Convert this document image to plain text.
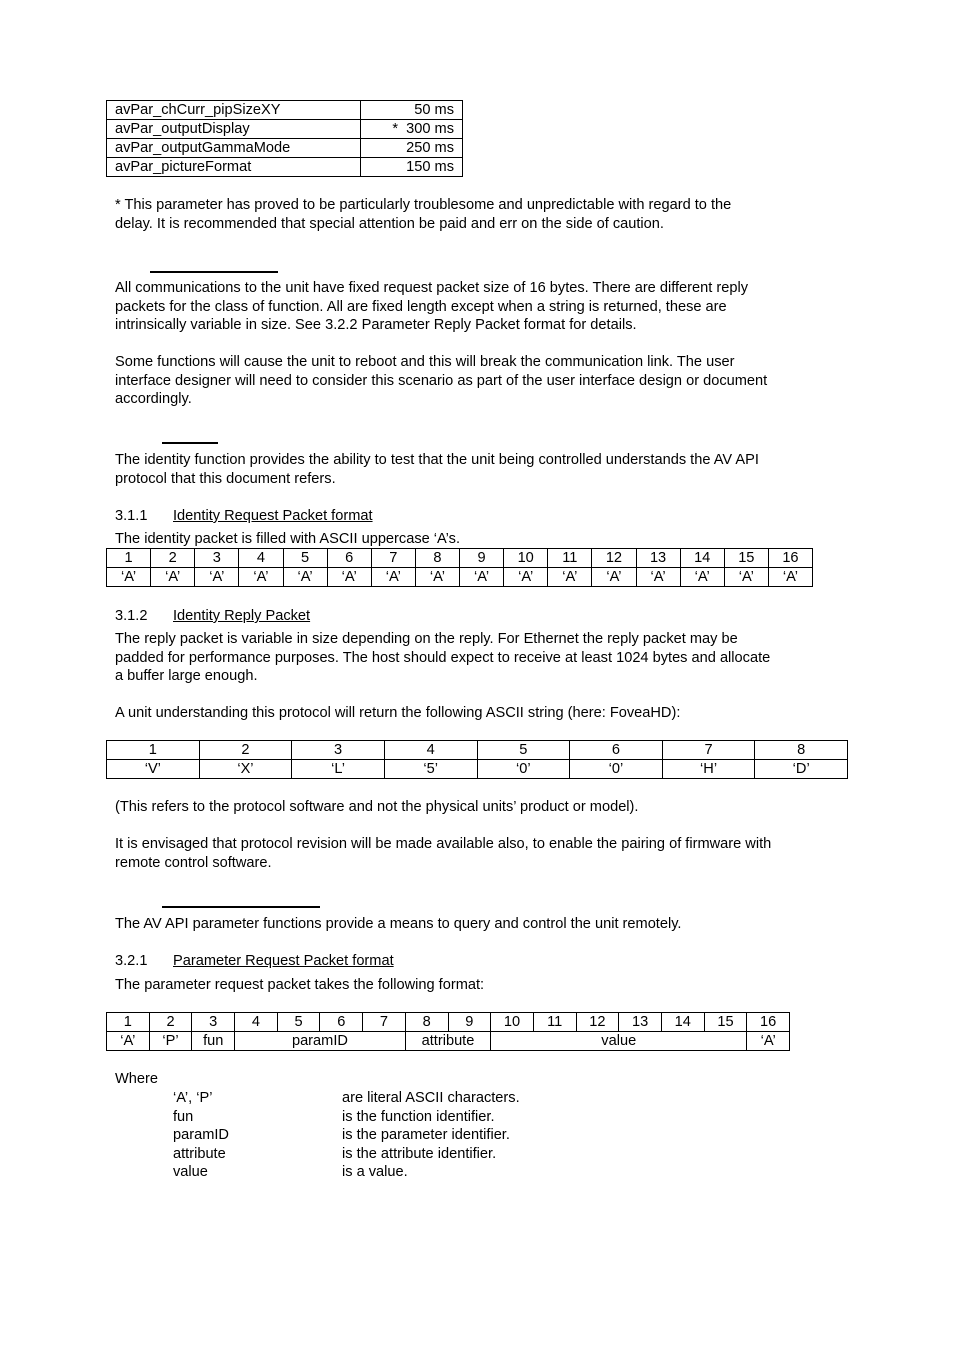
avPar_chCurr_pipSizeXY	50 ms
avPar_outputDisplay	*  300 ms
avPar_outputGammaMode	250 ms
avPar_pictureFormat	150 ms
* This parameter has proved to be particularly troublesome and unpredictable with regard to the
delay. It is recommended that special attention be paid and err on the side of caution.
All communications to the unit have fixed request packet size of 16 bytes. There are different reply
packets for the class of function. All are fixed length except when a string is returned, these are
intrinsically variable in size. See 3.2.2 Parameter Reply Packet format for details.
Some functions will cause the unit to reboot and this will break the communication link. The user
interface designer will need to consider this scenario as part of the user interface design or document
accordingly.
The identity function provides the ability to test that the unit being controlled understands the AV API
protocol that this document refers.
3.1.1 Identity Request Packet format
The identity packet is filled with ASCII uppercase ‘A’s.
1	2	3	4	5	6	7	8	9	10	11	12	13	14	15	16
‘A’	‘A’	‘A’	‘A’	‘A’	‘A’	‘A’	‘A’	‘A’	‘A’	‘A’	‘A’	‘A’	‘A’	‘A’	‘A’
3.1.2 Identity Reply Packet
The reply packet is variable in size depending on the reply. For Ethernet the reply packet may be
padded for performance purposes. The host should expect to receive at least 1024 bytes and allocate
a buffer large enough.
A unit understanding this protocol will return the following ASCII string (here: FoveaHD):
1	2	3	4	5	6	7	8
‘V’	‘X’	‘L’	‘5’	‘0’	‘0’	‘H’	‘D’
(This refers to the protocol software and not the physical units’ product or model).
It is envisaged that protocol revision will be made available also, to enable the pairing of firmware with
remote control software.
The AV API parameter functions provide a means to query and control the unit remotely.
3.2.1 Parameter Request Packet format
The parameter request packet takes the following format:
1	2	3	4	5	6	7	8	9	10	11	12	13	14	15	16
‘A’	‘P’	fun	paramID				attribute		value						‘A’
Where
‘A’, ‘P’	are literal ASCII characters.
fun	is the function identifier.
paramID	is the parameter identifier.
attribute	is the attribute identifier.
value	is a value.
